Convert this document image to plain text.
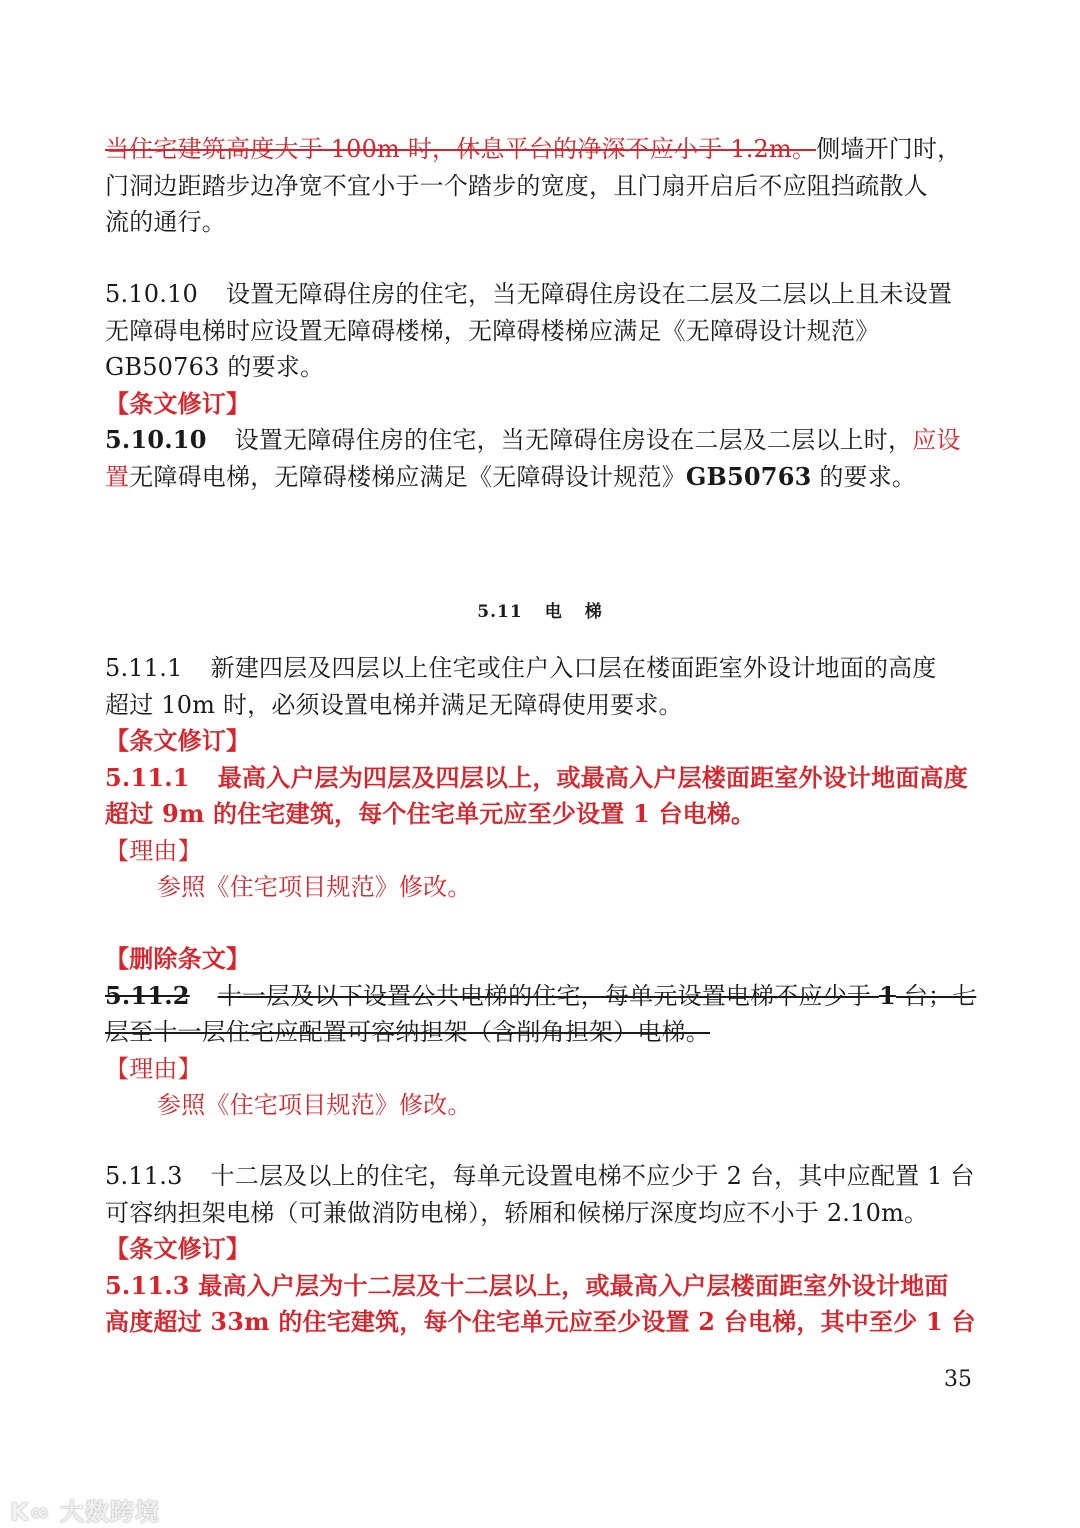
当住宅建筑高度大于 100m 时，休息平台的净深不应小于 1.2m。侧墙开门时，
门洞边距踏步边净宽不宜小于一个踏步的宽度，且门扇开启后不应阻挡疏散人
流的通行。
5.10.10 设置无障碍住房的住宅，当无障碍住房设在二层及二层以上且未设置
无障碍电梯时应设置无障碍楼梯，无障碍楼梯应满足《无障碍设计规范》
GB50763 的要求。
【条文修订】
5.10.10 设置无障碍住房的住宅，当无障碍住房设在二层及二层以上时，应设
置无障碍电梯，无障碍楼梯应满足《无障碍设计规范》GB50763 的要求。
5.11 电 梯
5.11.1 新建四层及四层以上住宅或住户入口层在楼面距室外设计地面的高度
超过 10m 时，必须设置电梯并满足无障碍使用要求。
【条文修订】
5.11.1 最高入户层为四层及四层以上，或最高入户层楼面距室外设计地面高度
超过 9m 的住宅建筑，每个住宅单元应至少设置 1 台电梯。
【理由】
参照《住宅项目规范》修改。
【删除条文】
5.11.2 十一层及以下设置公共电梯的住宅，每单元设置电梯不应少于 1 台；七
层至十一层住宅应配置可容纳担架（含削角担架）电梯。
【理由】
参照《住宅项目规范》修改。
5.11.3 十二层及以上的住宅，每单元设置电梯不应少于 2 台，其中应配置 1 台
可容纳担架电梯（可兼做消防电梯），轿厢和候梯厅深度均应不小于 2.10m。
【条文修订】
5.11.3 最高入户层为十二层及十二层以上，或最高入户层楼面距室外设计地面
高度超过 33m 的住宅建筑，每个住宅单元应至少设置 2 台电梯，其中至少 1 台
35
K∞ 大数跨境
